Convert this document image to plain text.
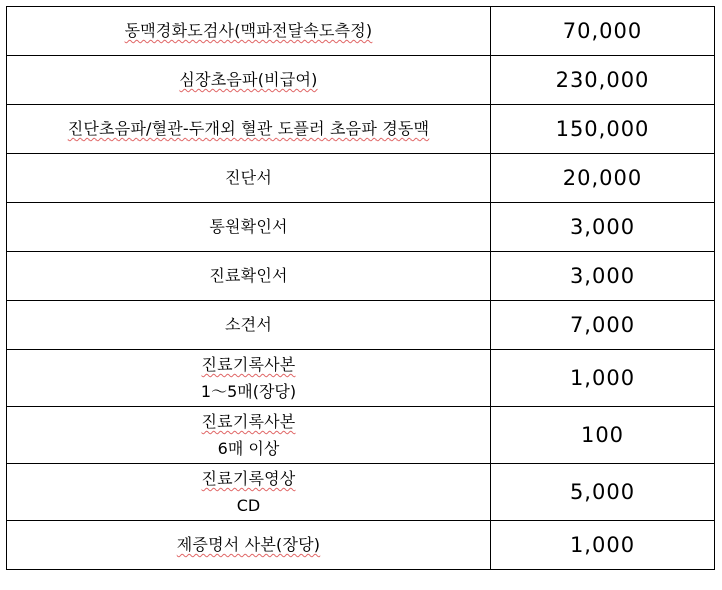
동맥경화도검사(맥파전달속도측정)	70,000
심장초음파(비급여)	230,000
진단초음파/혈관-두개외 혈관 도플러 초음파 경동맥	150,000
진단서	20,000
통원확인서	3,000
진료확인서	3,000
소견서	7,000
진료기록사본
1～5매(장당)	1,000
진료기록사본
6매 이상	100
진료기록영상
CD	5,000
제증명서 사본(장당)	1,000
